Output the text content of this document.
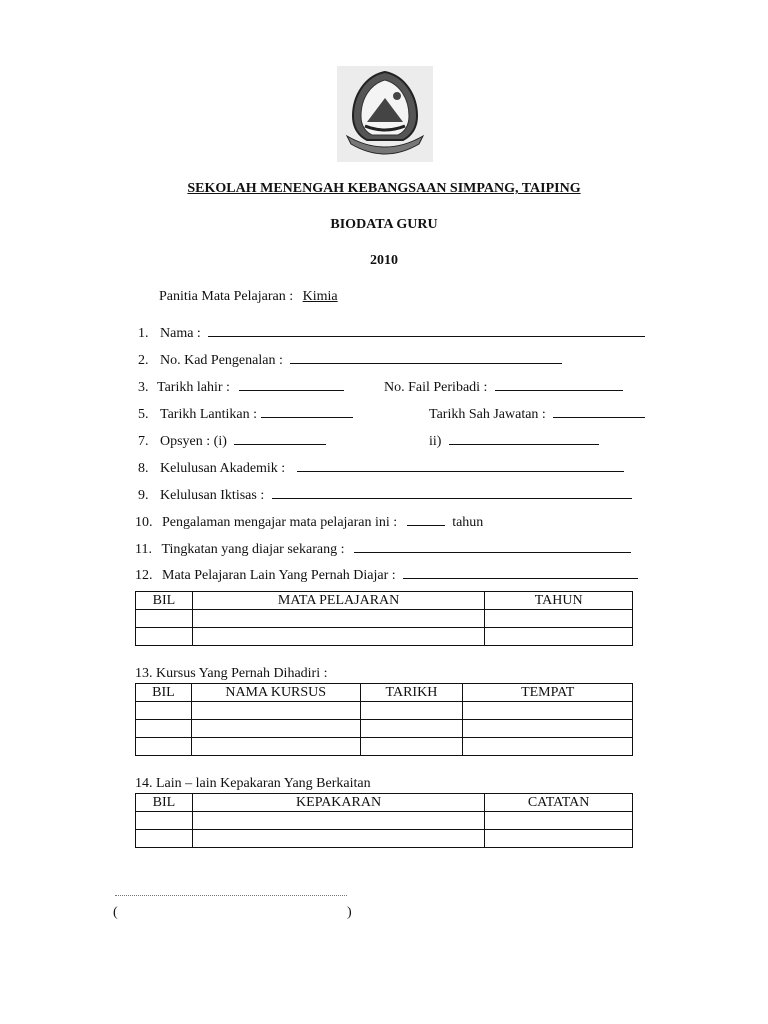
SEKOLAH MENENGAH KEBANGSAAN SIMPANG, TAIPING
BIODATA GURU
2010
Panitia Mata Pelajaran : Kimia
1. Nama :
2. No. Kad Pengenalan :
3. Tarikh lahir :	No. Fail Peribadi :
5. Tarikh Lantikan :	Tarikh Sah Jawatan :
7. Opsyen : (i)	ii)
8. Kelulusan Akademik :
9. Kelulusan Iktisas :
10. Pengalaman mengajar mata pelajaran ini :	tahun
11. Tingkatan yang diajar sekarang :
12. Mata Pelajaran Lain Yang Pernah Diajar :
BIL	MATA PELAJARAN	TAHUN

13. Kursus Yang Pernah Dihadiri :
BIL	NAMA KURSUS	TARIKH	TEMPAT

14. Lain – lain Kepakaran Yang Berkaitan
BIL	KEPAKARAN	CATATAN

(	)
